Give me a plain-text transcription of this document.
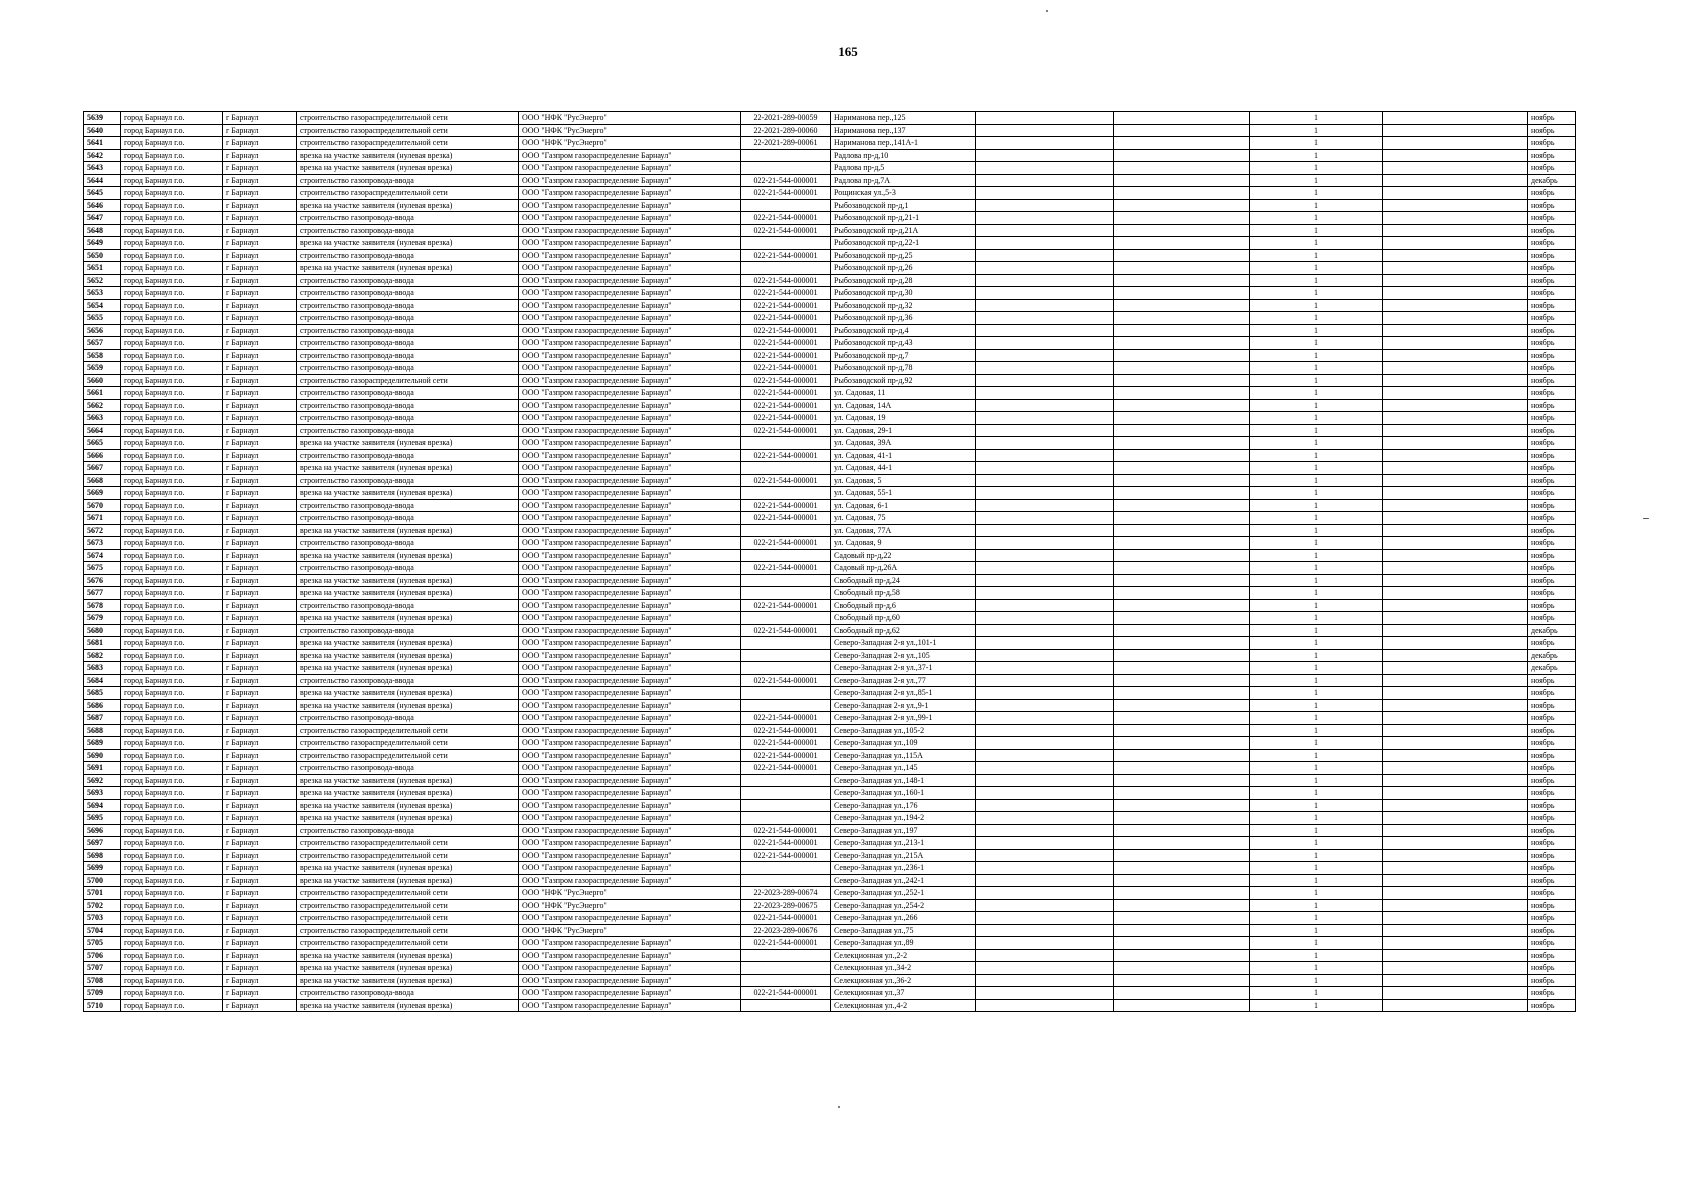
165
5639	город Барнаул г.о.	г Барнаул	строительство газораспределительной сети	ООО "НФК "РусЭнерго"	22-2021-289-00059	Нариманова пер.,125			1		ноябрь	
5640	город Барнаул г.о.	г Барнаул	строительство газораспределительной сети	ООО "НФК "РусЭнерго"	22-2021-289-00060	Нариманова пер.,137			1		ноябрь	
5641	город Барнаул г.о.	г Барнаул	строительство газораспределительной сети	ООО "НФК "РусЭнерго"	22-2021-289-00061	Нариманова пер.,141А-1			1		ноябрь	
5642	город Барнаул г.о.	г Барнаул	врезка на участке заявителя (нулевая врезка)	ООО "Газпром газораспределение Барнаул"		Радлова пр-д,10			1		ноябрь	
5643	город Барнаул г.о.	г Барнаул	врезка на участке заявителя (нулевая врезка)	ООО "Газпром газораспределение Барнаул"		Радлова пр-д,5			1		ноябрь	
5644	город Барнаул г.о.	г Барнаул	строительство газопровода-ввода	ООО "Газпром газораспределение Барнаул"	022-21-544-000001	Радлова пр-д,7А			1		декабрь	
5645	город Барнаул г.о.	г Барнаул	строительство газораспределительной сети	ООО "Газпром газораспределение Барнаул"	022-21-544-000001	Рощинская ул.,5-3			1		ноябрь	
5646	город Барнаул г.о.	г Барнаул	врезка на участке заявителя (нулевая врезка)	ООО "Газпром газораспределение Барнаул"		Рыбозаводской пр-д,1			1		ноябрь	
5647	город Барнаул г.о.	г Барнаул	строительство газопровода-ввода	ООО "Газпром газораспределение Барнаул"	022-21-544-000001	Рыбозаводской пр-д,21-1			1		ноябрь	
5648	город Барнаул г.о.	г Барнаул	строительство газопровода-ввода	ООО "Газпром газораспределение Барнаул"	022-21-544-000001	Рыбозаводской пр-д,21А			1		ноябрь	
5649	город Барнаул г.о.	г Барнаул	врезка на участке заявителя (нулевая врезка)	ООО "Газпром газораспределение Барнаул"		Рыбозаводской пр-д,22-1			1		ноябрь	
5650	город Барнаул г.о.	г Барнаул	строительство газопровода-ввода	ООО "Газпром газораспределение Барнаул"	022-21-544-000001	Рыбозаводской пр-д,25			1		ноябрь	
5651	город Барнаул г.о.	г Барнаул	врезка на участке заявителя (нулевая врезка)	ООО "Газпром газораспределение Барнаул"		Рыбозаводской пр-д,26			1		ноябрь	
5652	город Барнаул г.о.	г Барнаул	строительство газопровода-ввода	ООО "Газпром газораспределение Барнаул"	022-21-544-000001	Рыбозаводской пр-д,28			1		ноябрь	
5653	город Барнаул г.о.	г Барнаул	строительство газопровода-ввода	ООО "Газпром газораспределение Барнаул"	022-21-544-000001	Рыбозаводской пр-д,30			1		ноябрь	
5654	город Барнаул г.о.	г Барнаул	строительство газопровода-ввода	ООО "Газпром газораспределение Барнаул"	022-21-544-000001	Рыбозаводской пр-д,32			1		ноябрь	
5655	город Барнаул г.о.	г Барнаул	строительство газопровода-ввода	ООО "Газпром газораспределение Барнаул"	022-21-544-000001	Рыбозаводской пр-д,36			1		ноябрь	
5656	город Барнаул г.о.	г Барнаул	строительство газопровода-ввода	ООО "Газпром газораспределение Барнаул"	022-21-544-000001	Рыбозаводской пр-д,4			1		ноябрь	
5657	город Барнаул г.о.	г Барнаул	строительство газопровода-ввода	ООО "Газпром газораспределение Барнаул"	022-21-544-000001	Рыбозаводской пр-д,43			1		ноябрь	
5658	город Барнаул г.о.	г Барнаул	строительство газопровода-ввода	ООО "Газпром газораспределение Барнаул"	022-21-544-000001	Рыбозаводской пр-д,7			1		ноябрь	
5659	город Барнаул г.о.	г Барнаул	строительство газопровода-ввода	ООО "Газпром газораспределение Барнаул"	022-21-544-000001	Рыбозаводской пр-д,78			1		ноябрь	
5660	город Барнаул г.о.	г Барнаул	строительство газораспределительной сети	ООО "Газпром газораспределение Барнаул"	022-21-544-000001	Рыбозаводской пр-д,92			1		ноябрь	
5661	город Барнаул г.о.	г Барнаул	строительство газопровода-ввода	ООО "Газпром газораспределение Барнаул"	022-21-544-000001	ул. Садовая, 11			1		ноябрь	
5662	город Барнаул г.о.	г Барнаул	строительство газопровода-ввода	ООО "Газпром газораспределение Барнаул"	022-21-544-000001	ул. Садовая, 14А			1		ноябрь	
5663	город Барнаул г.о.	г Барнаул	строительство газопровода-ввода	ООО "Газпром газораспределение Барнаул"	022-21-544-000001	ул. Садовая, 19			1		ноябрь	
5664	город Барнаул г.о.	г Барнаул	строительство газопровода-ввода	ООО "Газпром газораспределение Барнаул"	022-21-544-000001	ул. Садовая, 29-1			1		ноябрь	
5665	город Барнаул г.о.	г Барнаул	врезка на участке заявителя (нулевая врезка)	ООО "Газпром газораспределение Барнаул"		ул. Садовая, 39А			1		ноябрь	
5666	город Барнаул г.о.	г Барнаул	строительство газопровода-ввода	ООО "Газпром газораспределение Барнаул"	022-21-544-000001	ул. Садовая, 41-1			1		ноябрь	
5667	город Барнаул г.о.	г Барнаул	врезка на участке заявителя (нулевая врезка)	ООО "Газпром газораспределение Барнаул"		ул. Садовая, 44-1			1		ноябрь	
5668	город Барнаул г.о.	г Барнаул	строительство газопровода-ввода	ООО "Газпром газораспределение Барнаул"	022-21-544-000001	ул. Садовая, 5			1		ноябрь	
5669	город Барнаул г.о.	г Барнаул	врезка на участке заявителя (нулевая врезка)	ООО "Газпром газораспределение Барнаул"		ул. Садовая, 55-1			1		ноябрь	
5670	город Барнаул г.о.	г Барнаул	строительство газопровода-ввода	ООО "Газпром газораспределение Барнаул"	022-21-544-000001	ул. Садовая, 6-1			1		ноябрь	
5671	город Барнаул г.о.	г Барнаул	строительство газопровода-ввода	ООО "Газпром газораспределение Барнаул"	022-21-544-000001	ул. Садовая, 75			1		ноябрь	
5672	город Барнаул г.о.	г Барнаул	врезка на участке заявителя (нулевая врезка)	ООО "Газпром газораспределение Барнаул"		ул. Садовая, 77А			1		ноябрь	
5673	город Барнаул г.о.	г Барнаул	строительство газопровода-ввода	ООО "Газпром газораспределение Барнаул"	022-21-544-000001	ул. Садовая, 9			1		ноябрь	
5674	город Барнаул г.о.	г Барнаул	врезка на участке заявителя (нулевая врезка)	ООО "Газпром газораспределение Барнаул"		Садовый пр-д,22			1		ноябрь	
5675	город Барнаул г.о.	г Барнаул	строительство газопровода-ввода	ООО "Газпром газораспределение Барнаул"	022-21-544-000001	Садовый пр-д,26А			1		ноябрь	
5676	город Барнаул г.о.	г Барнаул	врезка на участке заявителя (нулевая врезка)	ООО "Газпром газораспределение Барнаул"		Свободный пр-д,24			1		ноябрь	
5677	город Барнаул г.о.	г Барнаул	врезка на участке заявителя (нулевая врезка)	ООО "Газпром газораспределение Барнаул"		Свободный пр-д,58			1		ноябрь	
5678	город Барнаул г.о.	г Барнаул	строительство газопровода-ввода	ООО "Газпром газораспределение Барнаул"	022-21-544-000001	Свободный пр-д,6			1		ноябрь	
5679	город Барнаул г.о.	г Барнаул	врезка на участке заявителя (нулевая врезка)	ООО "Газпром газораспределение Барнаул"		Свободный пр-д,60			1		ноябрь	
5680	город Барнаул г.о.	г Барнаул	строительство газопровода-ввода	ООО "Газпром газораспределение Барнаул"	022-21-544-000001	Свободный пр-д,62			1		декабрь	
5681	город Барнаул г.о.	г Барнаул	врезка на участке заявителя (нулевая врезка)	ООО "Газпром газораспределение Барнаул"		Северо-Западная 2-я ул.,101-1			1		ноябрь	
5682	город Барнаул г.о.	г Барнаул	врезка на участке заявителя (нулевая врезка)	ООО "Газпром газораспределение Барнаул"		Северо-Западная 2-я ул.,105			1		декабрь	
5683	город Барнаул г.о.	г Барнаул	врезка на участке заявителя (нулевая врезка)	ООО "Газпром газораспределение Барнаул"		Северо-Западная 2-я ул.,37-1			1		декабрь	
5684	город Барнаул г.о.	г Барнаул	строительство газопровода-ввода	ООО "Газпром газораспределение Барнаул"	022-21-544-000001	Северо-Западная 2-я ул.,77			1		ноябрь	
5685	город Барнаул г.о.	г Барнаул	врезка на участке заявителя (нулевая врезка)	ООО "Газпром газораспределение Барнаул"		Северо-Западная 2-я ул.,85-1			1		ноябрь	
5686	город Барнаул г.о.	г Барнаул	врезка на участке заявителя (нулевая врезка)	ООО "Газпром газораспределение Барнаул"		Северо-Западная 2-я ул.,9-1			1		ноябрь	
5687	город Барнаул г.о.	г Барнаул	строительство газопровода-ввода	ООО "Газпром газораспределение Барнаул"	022-21-544-000001	Северо-Западная 2-я ул.,99-1			1		ноябрь	
5688	город Барнаул г.о.	г Барнаул	строительство газораспределительной сети	ООО "Газпром газораспределение Барнаул"	022-21-544-000001	Северо-Западная ул.,105-2			1		ноябрь	
5689	город Барнаул г.о.	г Барнаул	строительство газораспределительной сети	ООО "Газпром газораспределение Барнаул"	022-21-544-000001	Северо-Западная ул.,109			1		ноябрь	
5690	город Барнаул г.о.	г Барнаул	строительство газораспределительной сети	ООО "Газпром газораспределение Барнаул"	022-21-544-000001	Северо-Западная ул.,115А			1		ноябрь	
5691	город Барнаул г.о.	г Барнаул	строительство газопровода-ввода	ООО "Газпром газораспределение Барнаул"	022-21-544-000001	Северо-Западная ул.,145			1		ноябрь	
5692	город Барнаул г.о.	г Барнаул	врезка на участке заявителя (нулевая врезка)	ООО "Газпром газораспределение Барнаул"		Северо-Западная ул.,148-1			1		ноябрь	
5693	город Барнаул г.о.	г Барнаул	врезка на участке заявителя (нулевая врезка)	ООО "Газпром газораспределение Барнаул"		Северо-Западная ул.,160-1			1		ноябрь	
5694	город Барнаул г.о.	г Барнаул	врезка на участке заявителя (нулевая врезка)	ООО "Газпром газораспределение Барнаул"		Северо-Западная ул.,176			1		ноябрь	
5695	город Барнаул г.о.	г Барнаул	врезка на участке заявителя (нулевая врезка)	ООО "Газпром газораспределение Барнаул"		Северо-Западная ул.,194-2			1		ноябрь	
5696	город Барнаул г.о.	г Барнаул	строительство газопровода-ввода	ООО "Газпром газораспределение Барнаул"	022-21-544-000001	Северо-Западная ул.,197			1		ноябрь	
5697	город Барнаул г.о.	г Барнаул	строительство газораспределительной сети	ООО "Газпром газораспределение Барнаул"	022-21-544-000001	Северо-Западная ул.,213-1			1		ноябрь	
5698	город Барнаул г.о.	г Барнаул	строительство газораспределительной сети	ООО "Газпром газораспределение Барнаул"	022-21-544-000001	Северо-Западная ул.,215А			1		ноябрь	
5699	город Барнаул г.о.	г Барнаул	врезка на участке заявителя (нулевая врезка)	ООО "Газпром газораспределение Барнаул"		Северо-Западная ул.,236-1			1		ноябрь	
5700	город Барнаул г.о.	г Барнаул	врезка на участке заявителя (нулевая врезка)	ООО "Газпром газораспределение Барнаул"		Северо-Западная ул.,242-1			1		ноябрь	
5701	город Барнаул г.о.	г Барнаул	строительство газораспределительной сети	ООО "НФК "РусЭнерго"	22-2023-289-00674	Северо-Западная ул.,252-1			1		ноябрь	
5702	город Барнаул г.о.	г Барнаул	строительство газораспределительной сети	ООО "НФК "РусЭнерго"	22-2023-289-00675	Северо-Западная ул.,254-2			1		ноябрь	
5703	город Барнаул г.о.	г Барнаул	строительство газораспределительной сети	ООО "Газпром газораспределение Барнаул"	022-21-544-000001	Северо-Западная ул.,266			1		ноябрь	
5704	город Барнаул г.о.	г Барнаул	строительство газораспределительной сети	ООО "НФК "РусЭнерго"	22-2023-289-00676	Северо-Западная ул.,75			1		ноябрь	
5705	город Барнаул г.о.	г Барнаул	строительство газораспределительной сети	ООО "Газпром газораспределение Барнаул"	022-21-544-000001	Северо-Западная ул.,89			1		ноябрь	
5706	город Барнаул г.о.	г Барнаул	врезка на участке заявителя (нулевая врезка)	ООО "Газпром газораспределение Барнаул"		Селекционная ул.,2-2			1		ноябрь	
5707	город Барнаул г.о.	г Барнаул	врезка на участке заявителя (нулевая врезка)	ООО "Газпром газораспределение Барнаул"		Селекционная ул.,34-2			1		ноябрь	
5708	город Барнаул г.о.	г Барнаул	врезка на участке заявителя (нулевая врезка)	ООО "Газпром газораспределение Барнаул"		Селекционная ул.,36-2			1		ноябрь	
5709	город Барнаул г.о.	г Барнаул	строительство газопровода-ввода	ООО "Газпром газораспределение Барнаул"	022-21-544-000001	Селекционная ул.,37			1		ноябрь	
5710	город Барнаул г.о.	г Барнаул	врезка на участке заявителя (нулевая врезка)	ООО "Газпром газораспределение Барнаул"		Селекционная ул.,4-2			1		ноябрь	
